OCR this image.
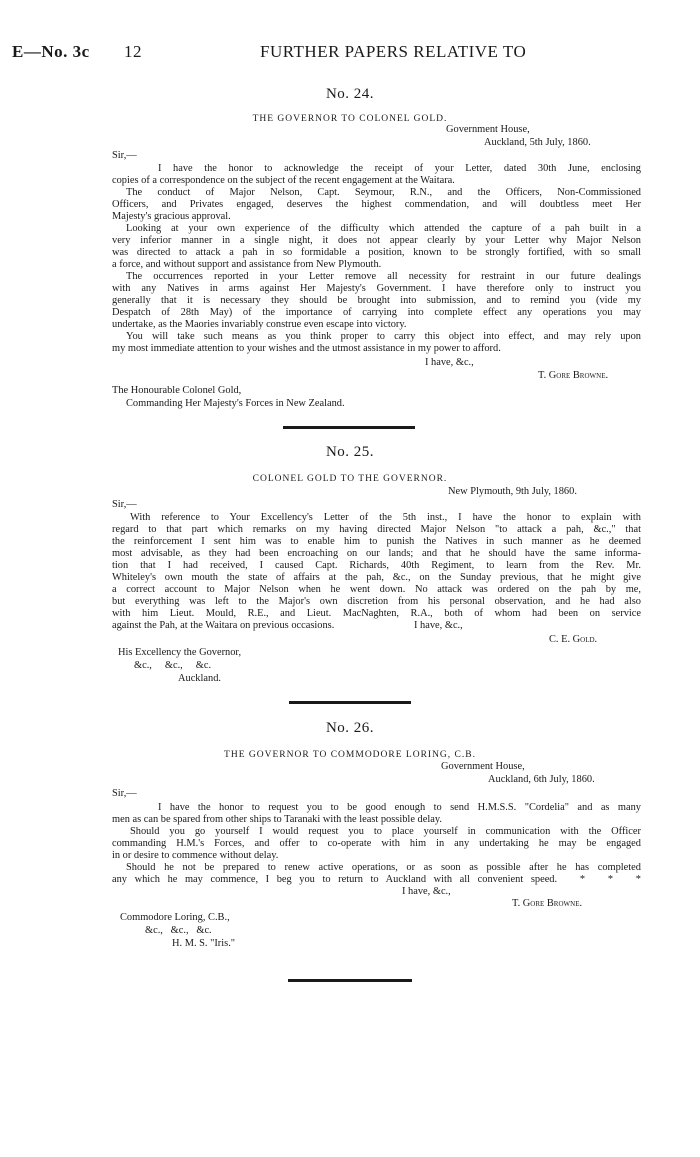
E—No. 3c 12	FURTHER PAPERS RELATIVE TO
No. 24.
THE GOVERNOR TO COLONEL GOLD.
Government House,
Auckland, 5th July, 1860.
Sir,—
I have the honor to acknowledge the receipt of your Letter, dated 30th June, enclosing
copies of a correspondence on the subject of the recent engagement at the Waitara.
The conduct of Major Nelson, Capt. Seymour, R.N., and the Officers, Non-Commissioned
Officers, and Privates engaged, deserves the highest commendation, and will doubtless meet Her
Majesty's gracious approval.
Looking at your own experience of the difficulty which attended the capture of a pah built in a
very inferior manner in a single night, it does not appear clearly by your Letter why Major Nelson
was directed to attack a pah in so formidable a position, known to be strongly fortified, with so small
a force, and without support and assistance from New Plymouth.
The occurrences reported in your Letter remove all necessity for restraint in our future dealings
with any Natives in arms against Her Majesty's Government. I have therefore only to instruct you
generally that it is necessary they should be brought into submission, and to remind you (vide my
Despatch of 28th May) of the importance of carrying into complete effect any operations you may
undertake, as the Maories invariably construe even escape into victory.
You will take such means as you think proper to carry this object into effect, and may rely upon
my most immediate attention to your wishes and the utmost assistance in my power to afford.
I have, &c.,
T. Gore Browne.
The Honourable Colonel Gold,
Commanding Her Majesty's Forces in New Zealand.
No. 25.
COLONEL GOLD TO THE GOVERNOR.
New Plymouth, 9th July, 1860.
Sir,—
With reference to Your Excellency's Letter of the 5th inst., I have the honor to explain with
regard to that part which remarks on my having directed Major Nelson "to attack a pah, &c.," that
the reinforcement I sent him was to enable him to punish the Natives in such manner as he deemed
most advisable, as they had been encroaching on our lands; and that he should have the same informa-
tion that I had received, I caused Capt. Richards, 40th Regiment, to learn from the Rev. Mr.
Whiteley's own mouth the state of affairs at the pah, &c., on the Sunday previous, that he might give
a correct account to Major Nelson when he went down. No attack was ordered on the pah by me,
but everything was left to the Major's own discretion from his personal observation, and he had also
with him Lieut. Mould, R.E., and Lieut. MacNaghten, R.A., both of whom had been on service
against the Pah, at the Waitara on previous occasions.	I have, &c.,
C. E. Gold.
His Excellency the Governor,
&c.,     &c.,     &c.
Auckland.
No. 26.
THE GOVERNOR TO COMMODORE LORING, C.B.
Government House,
Auckland, 6th July, 1860.
Sir,—
I have the honor to request you to be good enough to send H.M.S.S. "Cordelia" and as many
men as can be spared from other ships to Taranaki with the least possible delay.
Should you go yourself I would request you to place yourself in communication with the Officer
commanding H.M.'s Forces, and offer to co-operate with him in any undertaking he may be engaged
in or desire to commence without delay.
Should he not be prepared to renew active operations, or as soon as possible after he has completed
any which he may commence, I beg you to return to Auckland with all convenient speed.   *   *   *
I have, &c.,
T. Gore Browne.
Commodore Loring, C.B.,
&c.,   &c.,   &c.
H. M. S. "Iris."
